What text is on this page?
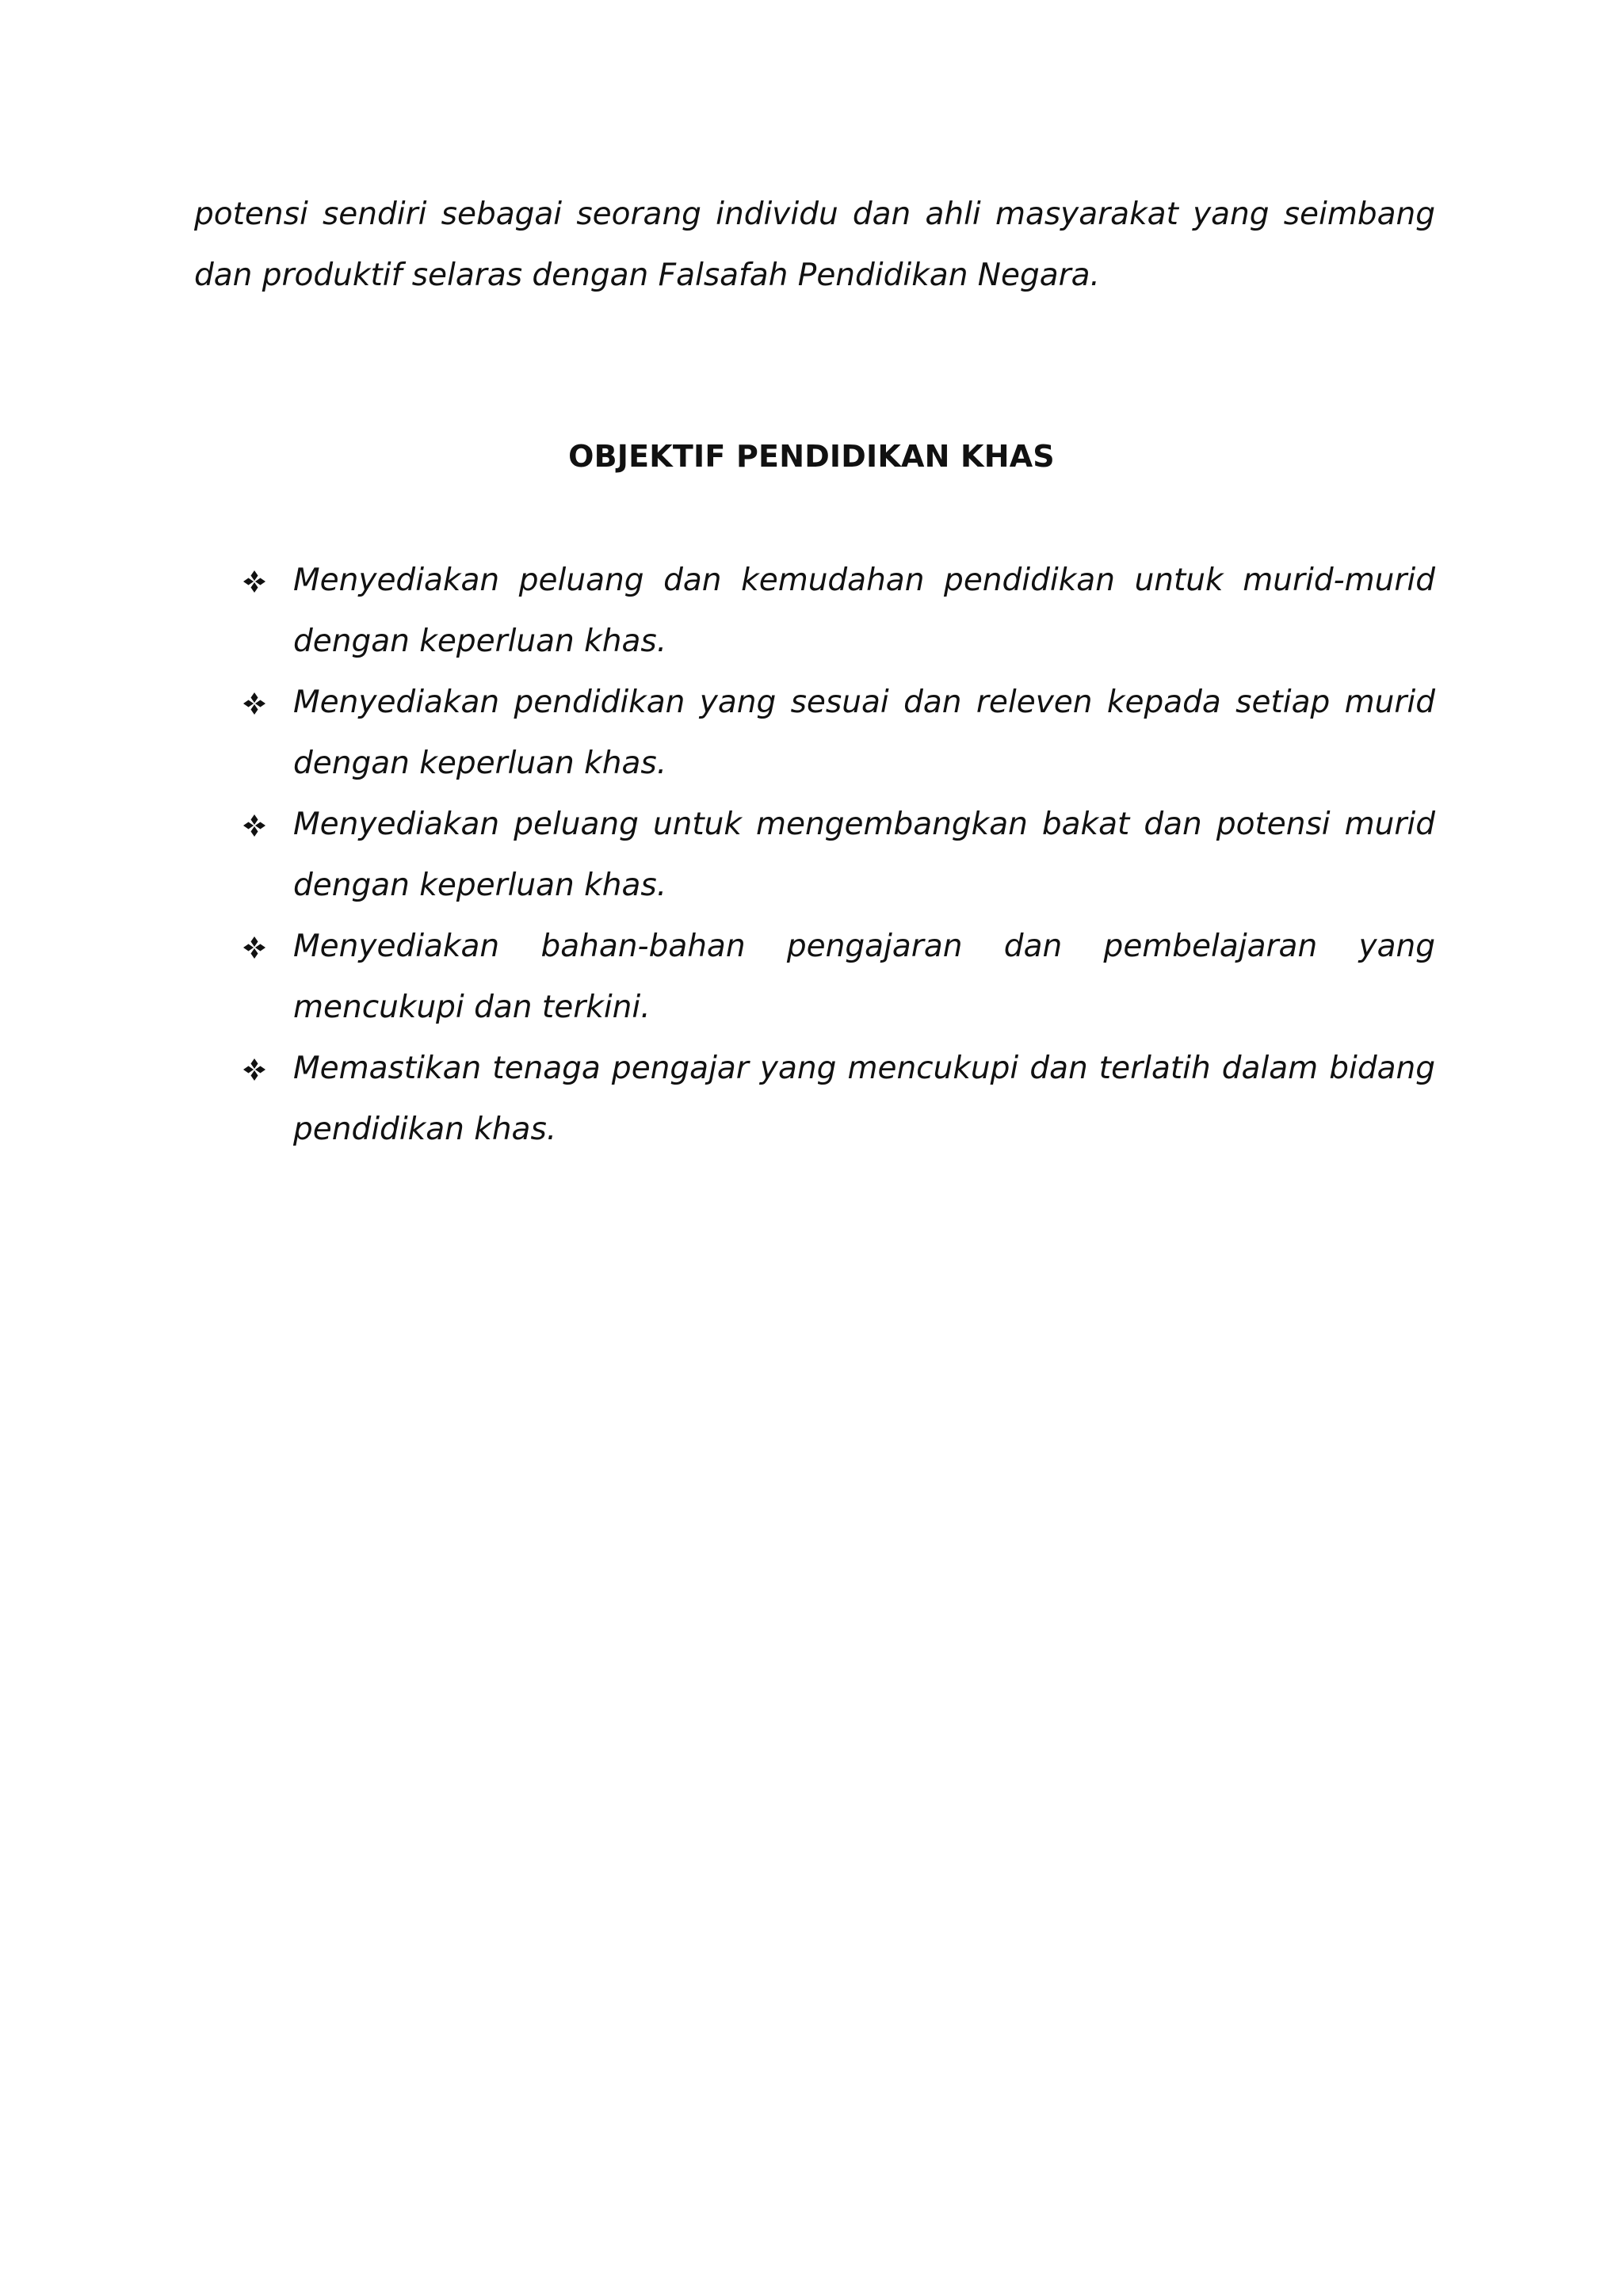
potensi sendiri sebagai seorang individu dan ahli masyarakat yang seimbang dan produktif selaras dengan Falsafah Pendidikan Negara.

OBJEKTIF PENDIDIKAN KHAS
Menyediakan peluang dan kemudahan pendidikan untuk murid-murid dengan keperluan khas.
Menyediakan pendidikan yang sesuai dan releven kepada setiap murid dengan keperluan khas.
Menyediakan peluang untuk mengembangkan bakat dan potensi murid dengan keperluan khas.
Menyediakan bahan-bahan pengajaran dan pembelajaran yang mencukupi dan terkini.
Memastikan tenaga pengajar yang mencukupi dan terlatih dalam bidang pendidikan khas.
